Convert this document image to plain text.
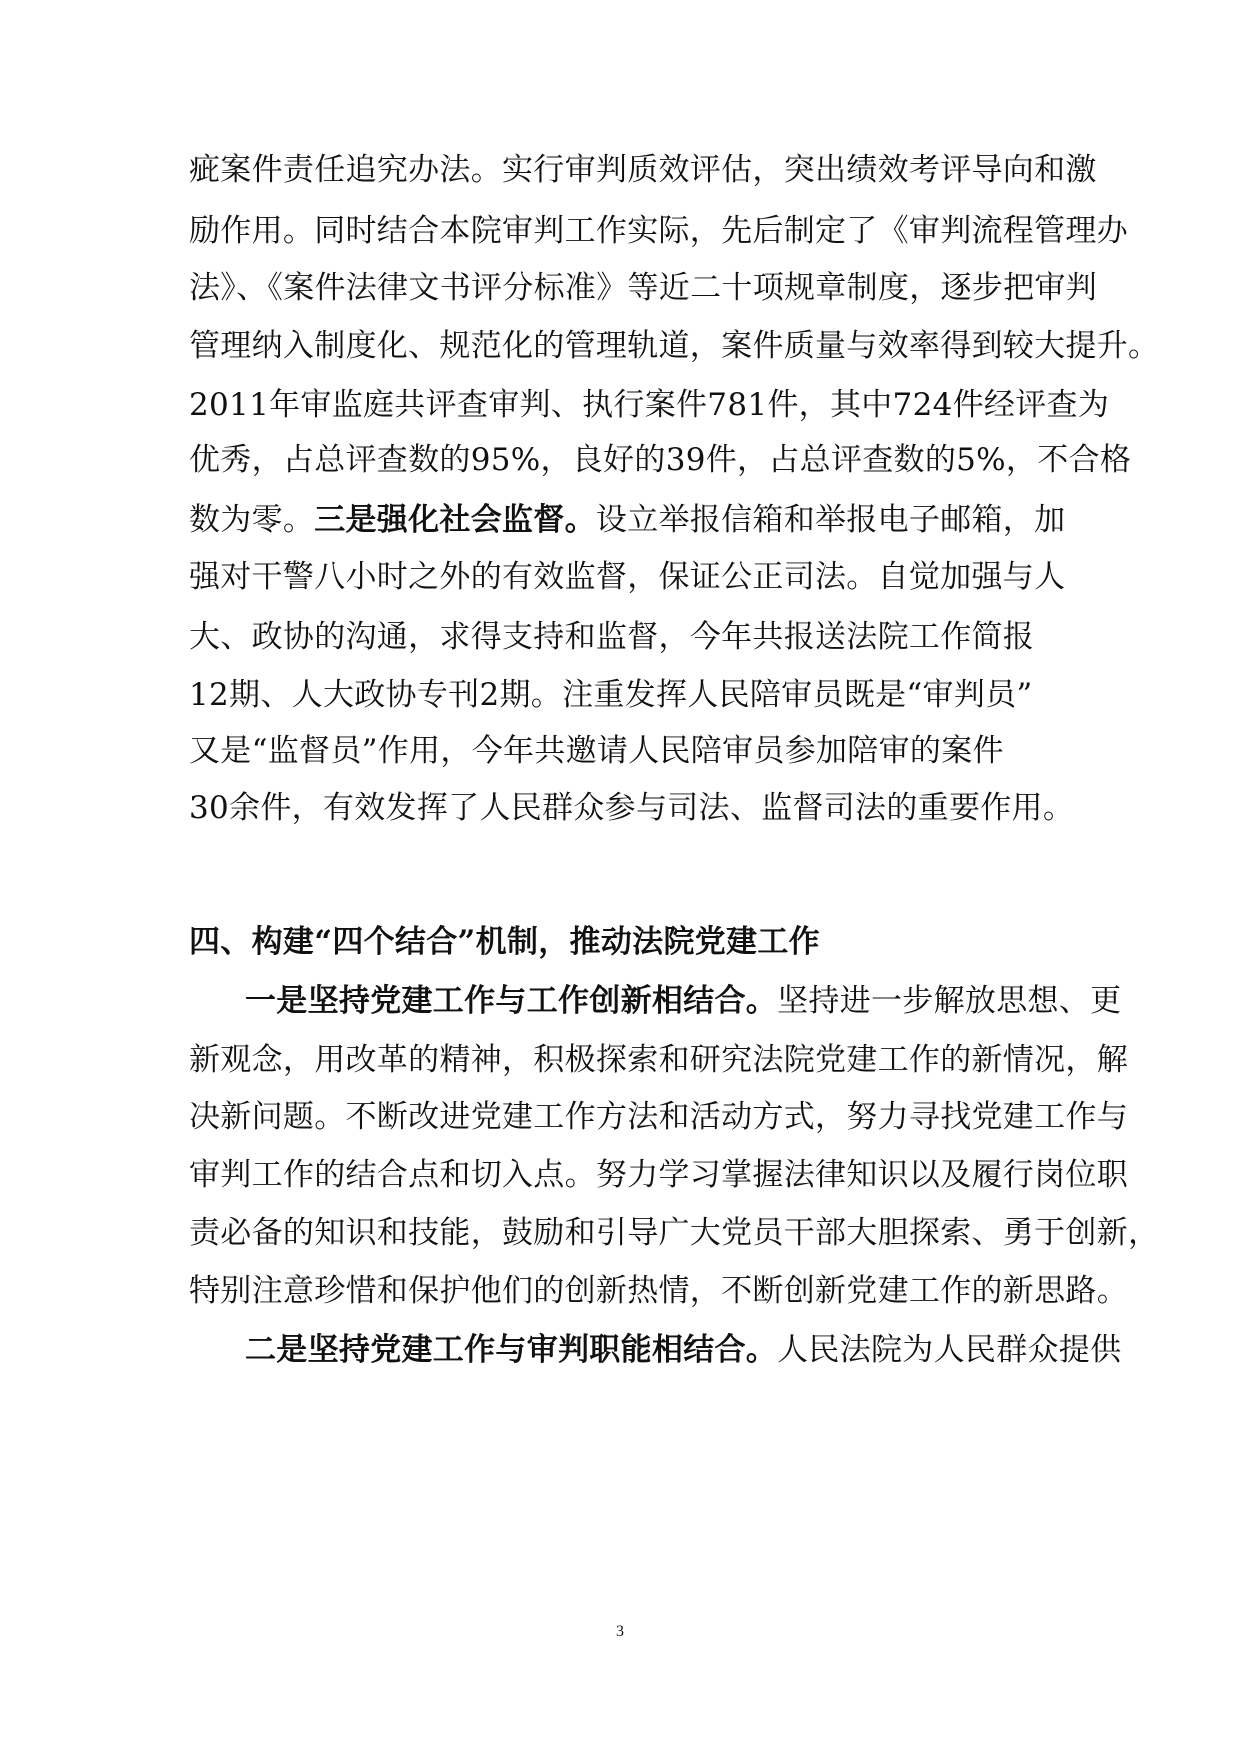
疵案件责任追究办法。实行审判质效评估，突出绩效考评导向和激
励作用。同时结合本院审判工作实际，先后制定了《审判流程管理办
法》、《案件法律文书评分标准》等近二十项规章制度，逐步把审判
管理纳入制度化、规范化的管理轨道，案件质量与效率得到较大提升。
2011年审监庭共评查审判、执行案件781件，其中724件经评查为
优秀，占总评查数的95%，良好的39件，占总评查数的5%，不合格
数为零。三是强化社会监督。设立举报信箱和举报电子邮箱，加
强对干警八小时之外的有效监督，保证公正司法。自觉加强与人
大、政协的沟通，求得支持和监督，今年共报送法院工作简报
12期、人大政协专刊2期。注重发挥人民陪审员既是“审判员”
又是“监督员”作用，今年共邀请人民陪审员参加陪审的案件
30余件，有效发挥了人民群众参与司法、监督司法的重要作用。
四、构建“四个结合”机制，推动法院党建工作
一是坚持党建工作与工作创新相结合。坚持进一步解放思想、更
新观念，用改革的精神，积极探索和研究法院党建工作的新情况，解
决新问题。不断改进党建工作方法和活动方式，努力寻找党建工作与
审判工作的结合点和切入点。努力学习掌握法律知识以及履行岗位职
责必备的知识和技能，鼓励和引导广大党员干部大胆探索、勇于创新，
特别注意珍惜和保护他们的创新热情，不断创新党建工作的新思路。
二是坚持党建工作与审判职能相结合。人民法院为人民群众提供
3
